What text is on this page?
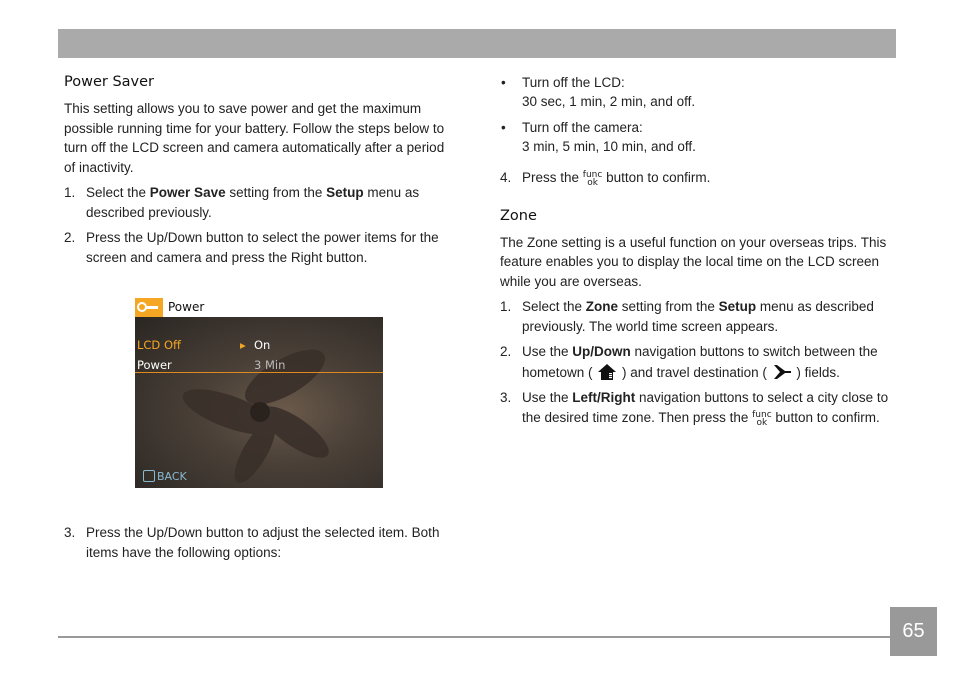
Power Saver

This setting allows you to save power and get the maximum possible running time for your battery. Follow the steps below to turn off the LCD screen and camera automatically after a period of inactivity.

1. Select the Power Save setting from the Setup menu as described previously.
2. Press the Up/Down button to select the power items for the screen and camera and press the Right button.
Power
LCD Off	▸ On
Power	3 Min
BACK
3. Press the Up/Down button to adjust the selected item. Both items have the following options:
• Turn off the LCD:
30 sec, 1 min, 2 min, and off.
• Turn off the camera:
3 min, 5 min, 10 min, and off.
4. Press the func
ok button to confirm.
Zone

The Zone setting is a useful function on your overseas trips. This feature enables you to display the local time on the LCD screen while you are overseas.

1. Select the Zone setting from the Setup menu as described previously. The world time screen appears.
2. Use the Up/Down navigation buttons to switch between the hometown (  ) and travel destination (  ) fields.
3. Use the Left/Right navigation buttons to select a city close to the desired time zone. Then press the func
ok button to confirm.
65
